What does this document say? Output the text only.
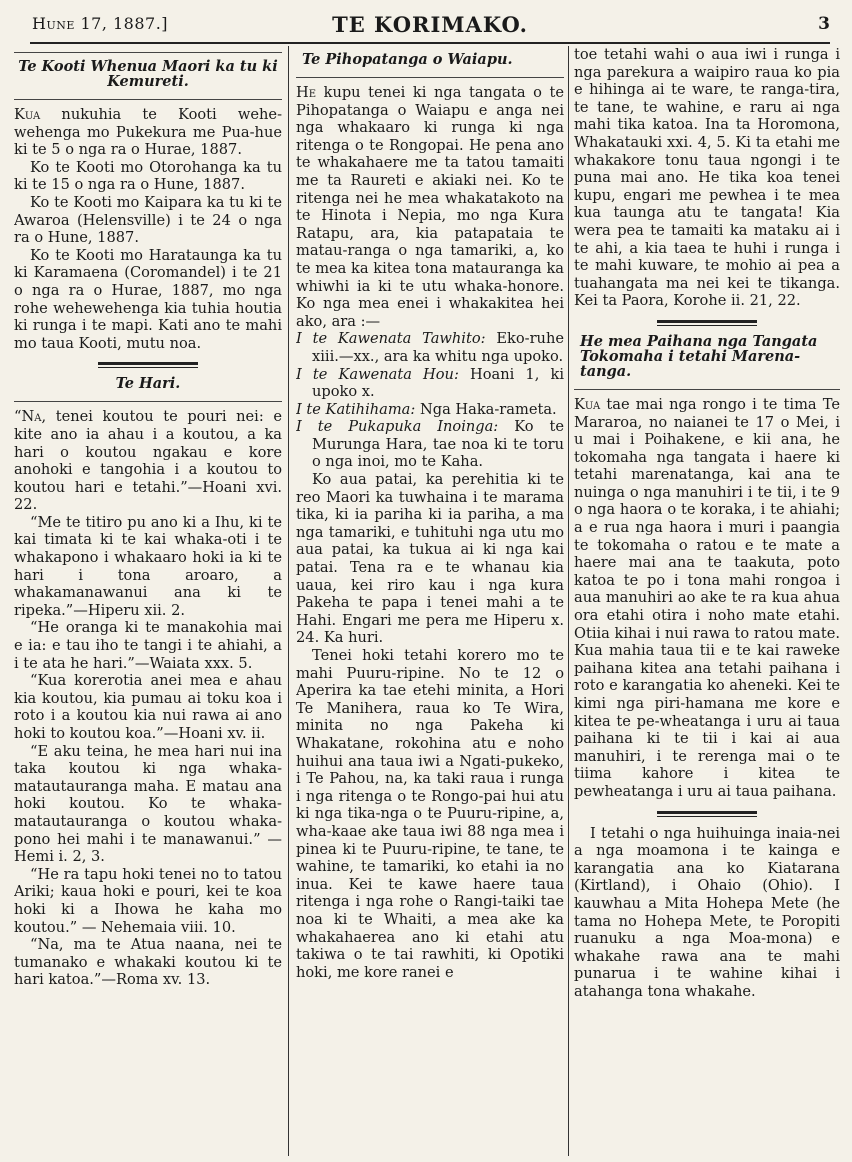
Hune 17, 1887.]	TE KORIMAKO.	3
Te Kooti Whenua Maori ka tu ki Kemureti.

Kua nukuhia te Kooti wehe-wehenga mo Pukekura me Pua-hue ki te 5 o nga ra o Hurae, 1887.

Ko te Kooti mo Otorohanga ka tu ki te 15 o nga ra o Hune, 1887.

Ko te Kooti mo Kaipara ka tu ki te Awaroa (Helensville) i te 24 o nga ra o Hune, 1887.

Ko te Kooti mo Harataunga ka tu ki Karamaena (Coromandel) i te 21 o nga ra o Hurae, 1887, mo nga rohe wehewehenga kia tuhia houtia ki runga i te mapi. Kati ano te mahi mo taua Kooti, mutu noa.

Te Hari.

“Na, tenei koutou te pouri nei: e kite ano ia ahau i a koutou, a ka hari o koutou ngakau e kore anohoki e tangohia i a koutou to koutou hari e tetahi.”—Hoani xvi. 22.

“Me te titiro pu ano ki a Ihu, ki te kai timata ki te kai whaka-oti i te whakapono i whakaaro hoki ia ki te hari i tona aroaro, a whakamanawanui ana ki te ripeka.”—Hiperu xii. 2.

“He oranga ki te manakohia mai e ia: e tau iho te tangi i te ahiahi, a i te ata he hari.”—Waiata xxx. 5.

“Kua korerotia anei mea e ahau kia koutou, kia pumau ai toku koa i roto i a koutou kia nui rawa ai ano hoki to koutou koa.”—Hoani xv. ii.

“E aku teina, he mea hari nui ina taka koutou ki nga whaka-matautauranga maha. E matau ana hoki koutou. Ko te whaka-matautauranga o koutou whaka-pono hei mahi i te manawanui.” —Hemi i. 2, 3.

“He ra tapu hoki tenei no to tatou Ariki; kaua hoki e pouri, kei te koa hoki ki a Ihowa he kaha mo koutou.” — Nehemaia viii. 10.

“Na, ma te Atua naana, nei te tumanako e whakaki koutou ki te hari katoa.”—Roma xv. 13.

Te Pihopatanga o Waiapu.

He kupu tenei ki nga tangata o te Pihopatanga o Waiapu e anga nei nga whakaaro ki runga ki nga ritenga o te Rongopai. He pena ano te whakahaere me ta tatou tamaiti me ta Raureti e akiaki nei. Ko te ritenga nei he mea whakatakoto na te Hinota i Nepia, mo nga Kura Ratapu, ara, kia patapataia te matau-ranga o nga tamariki, a, ko te mea ka kitea tona matauranga ka whiwhi ia ki te utu whaka-honore. Ko nga mea enei i whakakitea hei ako, ara :—

I te Kawenata Tawhito: Eko-ruhe xiii.—xx., ara ka whitu nga upoko.

I te Kawenata Hou: Hoani 1, ki upoko x.

I te Katihihama: Nga Haka-rameta.

I te Pukapuka Inoinga: Ko te Murunga Hara, tae noa ki te toru o nga inoi, mo te Kaha.

Ko aua patai, ka perehitia ki te reo Maori ka tuwhaina i te marama tika, ki ia pariha ki ia pariha, a ma nga tamariki, e tuhituhi nga utu mo aua patai, ka tukua ai ki nga kai patai. Tena ra e te whanau kia uaua, kei riro kau i nga kura Pakeha te papa i tenei mahi a te Hahi. Engari me pera me Hiperu x. 24. Ka huri.

Tenei hoki tetahi korero mo te mahi Puuru-ripine. No te 12 o Aperira ka tae etehi minita, a Hori Te Manihera, raua ko Te Wira, minita no nga Pakeha ki Whakatane, rokohina atu e noho huihui ana taua iwi a Ngati-pukeko, i Te Pahou, na, ka taki raua i runga i nga ritenga o te Rongo-pai hui atu ki nga tika-nga o te Puuru-ripine, a, wha-kaae ake taua iwi 88 nga mea i pinea ki te Puuru-ripine, te tane, te wahine, te tamariki, ko etahi ia no inua. Kei te kawe haere taua ritenga i nga rohe o Rangi-taiki tae noa ki te Whaiti, a mea ake ka whakahaerea ano ki etahi atu takiwa o te tai rawhiti, ki Opotiki hoki, me kore ranei e

toe tetahi wahi o aua iwi i runga i nga parekura a waipiro raua ko pia e hihinga ai te ware, te ranga-tira, te tane, te wahine, e raru ai nga mahi tika katoa. Ina ta Horomona, Whakatauki xxi. 4, 5. Ki ta etahi me whakakore tonu taua ngongi i te puna mai ano. He tika koa tenei kupu, engari me pewhea i te mea kua taunga atu te tangata! Kia wera pea te tamaiti ka mataku ai i te ahi, a kia taea te huhi i runga i te mahi kuware, te mohio ai pea a tuahangata ma nei kei te tikanga. Kei ta Paora, Korohe ii. 21, 22.

He mea Paihana nga Tangata Tokomaha i tetahi Marena-tanga.

Kua tae mai nga rongo i te tima Te Mararoa, no naianei te 17 o Mei, i u mai i Poihakene, e kii ana, he tokomaha nga tangata i haere ki tetahi marenatanga, kai ana te nuinga o nga manuhiri i te tii, i te 9 o nga haora o te koraka, i te ahiahi; a e rua nga haora i muri i paangia te tokomaha o ratou e te mate a haere mai ana te taakuta, poto katoa te po i tona mahi rongoa i aua manuhiri ao ake te ra kua ahua ora etahi otira i noho mate etahi. Otiia kihai i nui rawa to ratou mate. Kua mahia taua tii e te kai raweke paihana kitea ana tetahi paihana i roto e karangatia ko aheneki. Kei te kimi nga piri-hamana me kore e kitea te pe-wheatanga i uru ai taua paihana ki te tii i kai ai aua manuhiri, i te rerenga mai o te tiima kahore i kitea te pewheatanga i uru ai taua paihana.

I tetahi o nga huihuinga inaia-nei a nga moamona i te kainga e karangatia ana ko Kiatarana (Kirtland), i Ohaio (Ohio). I kauwhau a Mita Hohepa Mete (he tama no Hohepa Mete, te Poropiti ruanuku a nga Moa-mona) e whakahe rawa ana te mahi punarua i te wahine kihai i atahanga tona whakahe.
